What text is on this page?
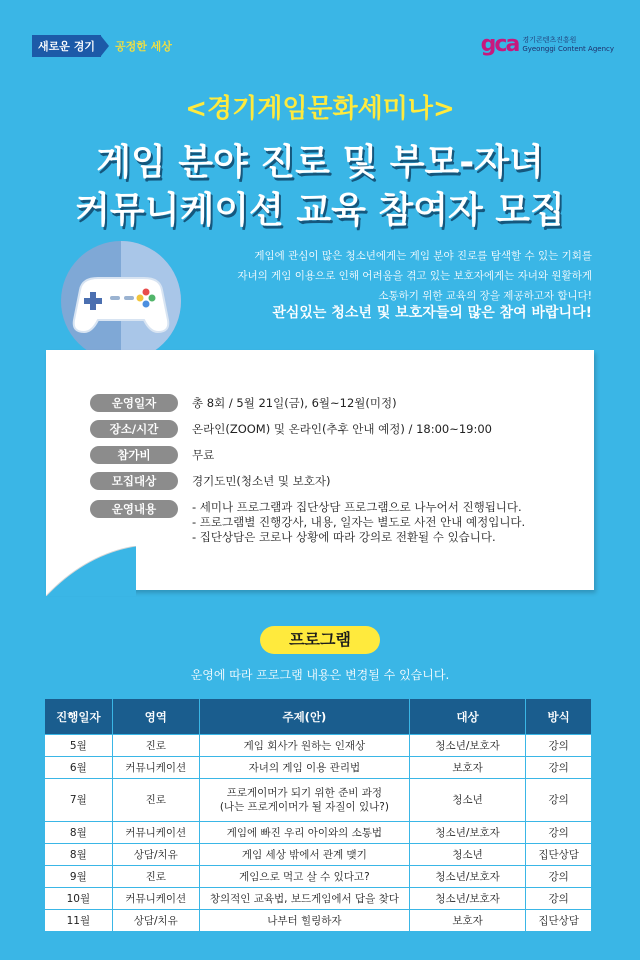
새로운 경기	공정한 세상	gca 경기콘텐츠진흥원
Gyeonggi Content Agency
<경기게임문화세미나>
게임 분야 진로 및 부모-자녀
커뮤니케이션 교육 참여자 모집
게임에 관심이 많은 청소년에게는 게임 분야 진로를 탐색할 수 있는 기회를
자녀의 게임 이용으로 인해 어려움을 겪고 있는 보호자에게는 자녀와 원활하게
소통하기 위한 교육의 장을 제공하고자 합니다!
관심있는 청소년 및 보호자들의 많은 참여 바랍니다!
운영일자	총 8회 / 5월 21일(금), 6월~12월(미정)
장소/시간	온라인(ZOOM) 및 온라인(추후 안내 예정) / 18:00~19:00
참가비	무료
모집대상	경기도민(청소년 및 보호자)
운영내용	- 세미나 프로그램과 집단상담 프로그램으로 나누어서 진행됩니다.
- 프로그램별 진행강사, 내용, 일자는 별도로 사전 안내 예정입니다.
- 집단상담은 코로나 상황에 따라 강의로 전환될 수 있습니다.
프로그램
운영에 따라 프로그램 내용은 변경될 수 있습니다.
진행일자	영역	주제(안)	대상	방식
5월	진로	게임 회사가 원하는 인재상	청소년/보호자	강의
6월	커뮤니케이션	자녀의 게임 이용 관리법	보호자	강의
7월	진로	프로게이머가 되기 위한 준비 과정
(나는 프로게이머가 될 자질이 있나?)	청소년	강의
8월	커뮤니케이션	게임에 빠진 우리 아이와의 소통법	청소년/보호자	강의
8월	상담/치유	게임 세상 밖에서 관계 맺기	청소년	집단상담
9월	진로	게임으로 먹고 살 수 있다고?	청소년/보호자	강의
10월	커뮤니케이션	창의적인 교육법, 보드게임에서 답을 찾다	청소년/보호자	강의
11월	상담/치유	나부터 힐링하자	보호자	집단상담
